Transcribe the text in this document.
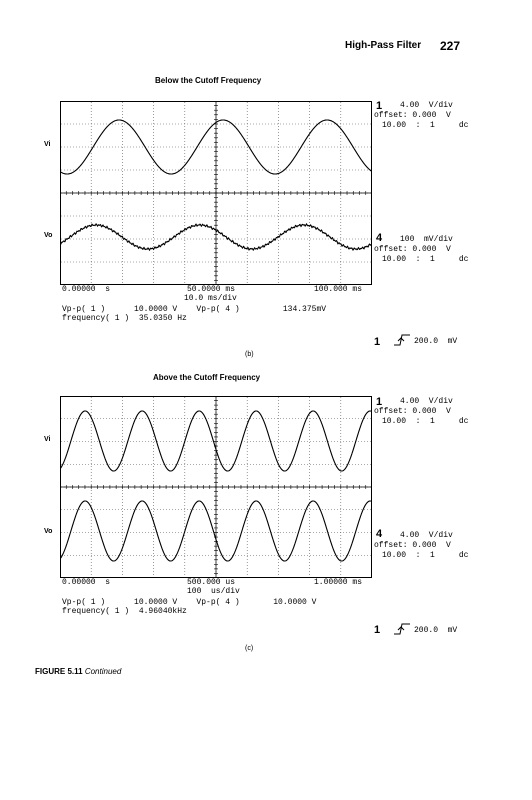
High-Pass Filter 227
Below the Cutoff Frequency
Vi
Vo
1 4.00  V/div
offset: 0.000  V
10.00  :  1     dc
4 100  mV/div
offset: 0.000  V
10.00  :  1     dc
0.00000  s	50.0000 ms	100.000 ms
10.0 ms/div
Vp-p( 1 )      10.0000 V    Vp-p( 4 )         134.375mV
frequency( 1 )  35.0350 Hz
1	200.0  mV
(b)
Above the Cutoff Frequency
Vi
Vo
1 4.00  V/div
offset: 0.000  V
10.00  :  1     dc
4 4.00  V/div
offset: 0.000  V
10.00  :  1     dc
0.00000  s	500.000 us	1.00000 ms
100  us/div
Vp-p( 1 )      10.0000 V    Vp-p( 4 )       10.0000 V
frequency( 1 )  4.96040kHz
1	200.0  mV
(c)
FIGURE 5.11 Continued
